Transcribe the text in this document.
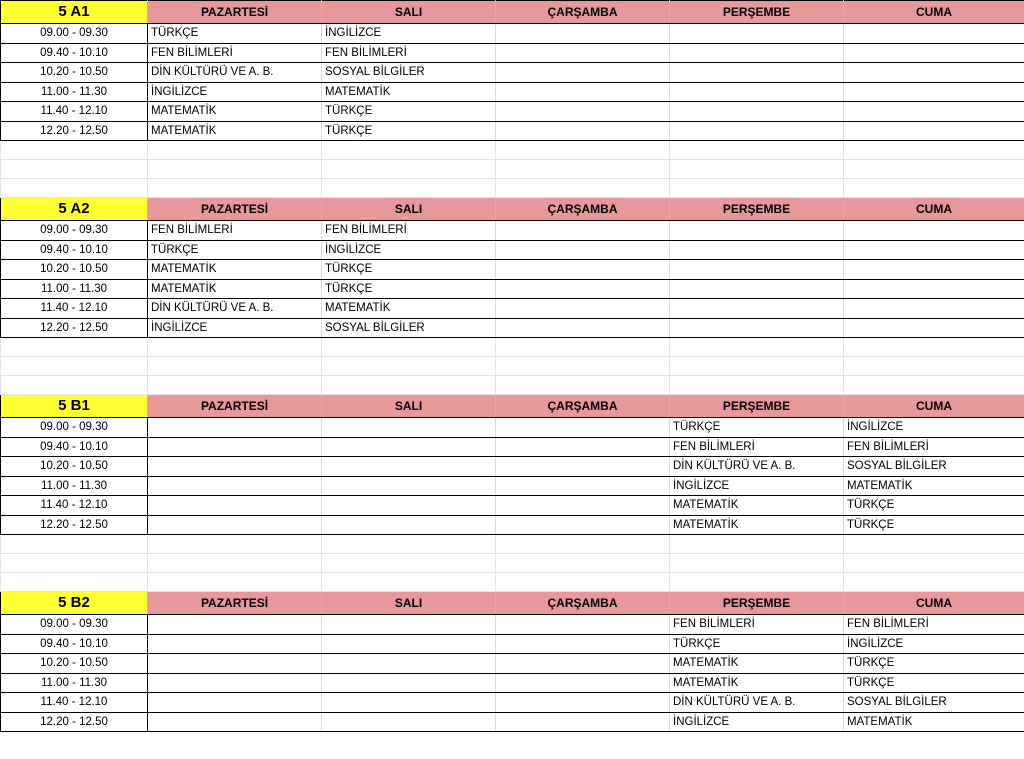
5 A1	PAZARTESİ	SALI	ÇARŞAMBA	PERŞEMBE	CUMA
09.00 - 09.30	TÜRKÇE	İNGİLİZCE			
09.40 - 10.10	FEN BİLİMLERİ	FEN BİLİMLERİ			
10.20 - 10.50	DİN KÜLTÜRÜ VE A. B.	SOSYAL BİLGİLER			
11.00 - 11.30	İNGİLİZCE	MATEMATİK			
11.40 - 12.10	MATEMATİK	TÜRKÇE			
12.20 - 12.50	MATEMATİK	TÜRKÇE			

5 A2	PAZARTESİ	SALI	ÇARŞAMBA	PERŞEMBE	CUMA
09.00 - 09.30	FEN BİLİMLERİ	FEN BİLİMLERİ			
09.40 - 10.10	TÜRKÇE	İNGİLİZCE			
10.20 - 10.50	MATEMATİK	TÜRKÇE			
11.00 - 11.30	MATEMATİK	TÜRKÇE			
11.40 - 12.10	DİN KÜLTÜRÜ VE A. B.	MATEMATİK			
12.20 - 12.50	İNGİLİZCE	SOSYAL BİLGİLER			

5 B1	PAZARTESİ	SALI	ÇARŞAMBA	PERŞEMBE	CUMA
09.00 - 09.30				TÜRKÇE	İNGİLİZCE
09.40 - 10.10				FEN BİLİMLERİ	FEN BİLİMLERİ
10.20 - 10.50				DİN KÜLTÜRÜ VE A. B.	SOSYAL BİLGİLER
11.00 - 11.30				İNGİLİZCE	MATEMATİK
11.40 - 12.10				MATEMATİK	TÜRKÇE
12.20 - 12.50				MATEMATİK	TÜRKÇE

5 B2	PAZARTESİ	SALI	ÇARŞAMBA	PERŞEMBE	CUMA
09.00 - 09.30				FEN BİLİMLERİ	FEN BİLİMLERİ
09.40 - 10.10				TÜRKÇE	İNGİLİZCE
10.20 - 10.50				MATEMATİK	TÜRKÇE
11.00 - 11.30				MATEMATİK	TÜRKÇE
11.40 - 12.10				DİN KÜLTÜRÜ VE A. B.	SOSYAL BİLGİLER
12.20 - 12.50				İNGİLİZCE	MATEMATİK
